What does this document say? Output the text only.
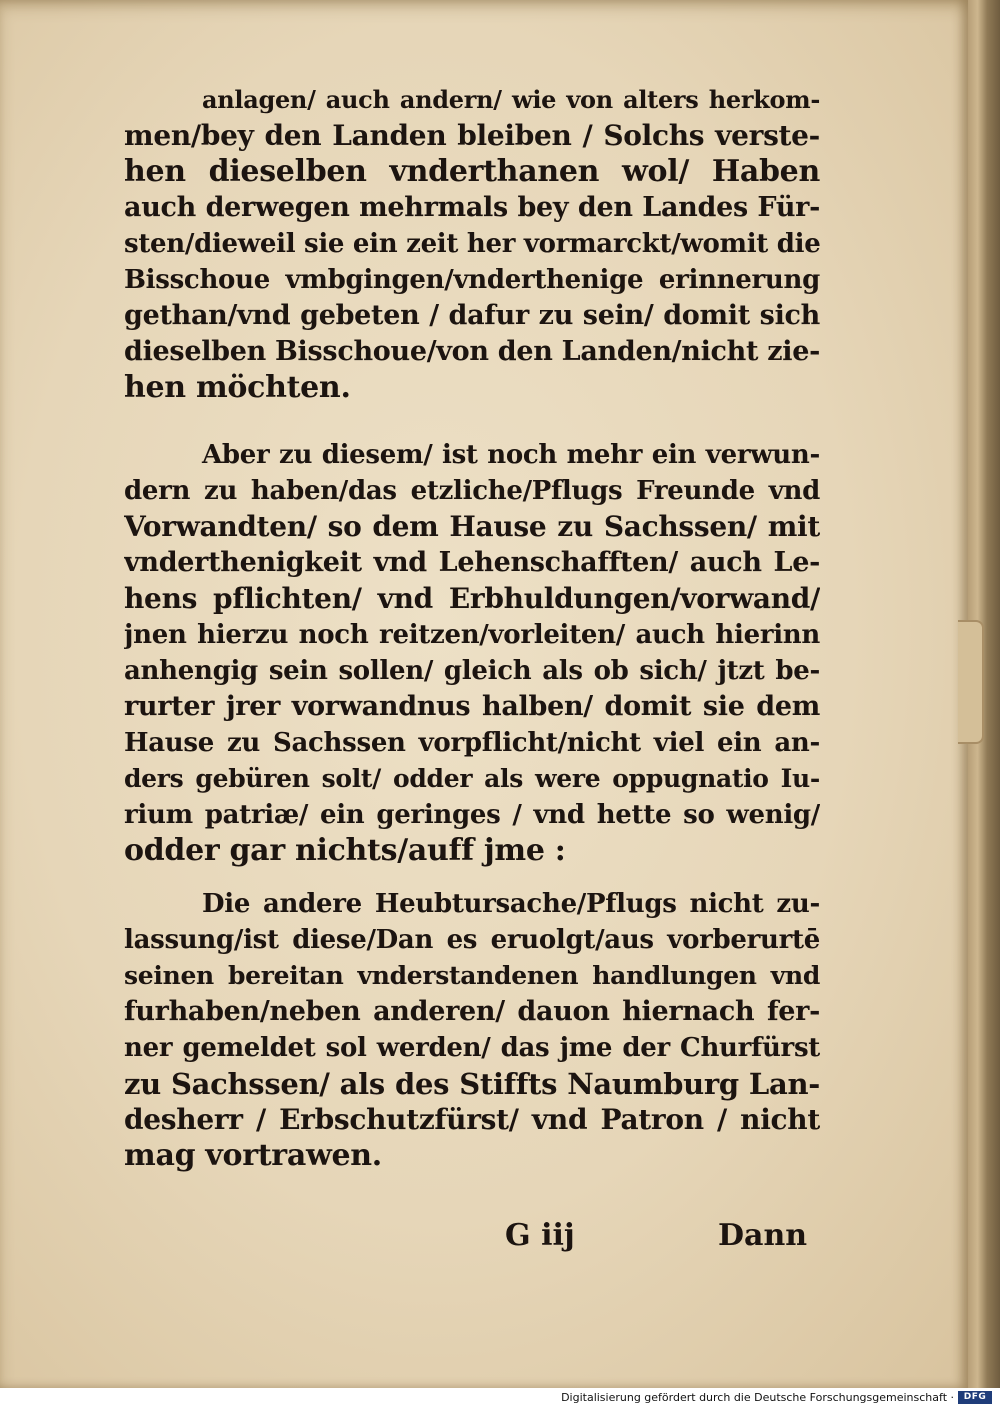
anlagen/ auch andern/ wie von alters herkom-
men/bey den Landen bleiben / Solchs verste-
hen dieselben vnderthanen wol/ Haben
auch derwegen mehrmals bey den Landes Für-
sten/dieweil sie ein zeit her vormarckt/womit die
Bisschoue vmbgingen/vnderthenige erinnerung
gethan/vnd gebeten / dafur zu sein/ domit sich
dieselben Bisschoue/von den Landen/nicht zie-
hen möchten.
Aber zu diesem/ ist noch mehr ein verwun-
dern zu haben/das etzliche/Pflugs Freunde vnd
Vorwandten/ so dem Hause zu Sachssen/ mit
vnderthenigkeit vnd Lehenschafften/ auch Le-
hens pflichten/ vnd Erbhuldungen/vorwand/
jnen hierzu noch reitzen/vorleiten/ auch hierinn
anhengig sein sollen/ gleich als ob sich/ jtzt be-
rurter jrer vorwandnus halben/ domit sie dem
Hause zu Sachssen vorpflicht/nicht viel ein an-
ders gebüren solt/ odder als were oppugnatio Iu-
rium patriæ/ ein geringes / vnd hette so wenig/
odder gar nichts/auff jme :
Die andere Heubtursache/Pflugs nicht zu-
lassung/ist diese/Dan es eruolgt/aus vorberurtē
seinen bereitan vnderstandenen handlungen vnd
furhaben/neben anderen/ dauon hiernach fer-
ner gemeldet sol werden/ das jme der Churfürst
zu Sachssen/ als des Stiffts Naumburg Lan-
desherr / Erbschutzfürst/ vnd Patron / nicht
mag vortrawen.
G iij	Dann
Digitalisierung gefördert durch die Deutsche Forschungsgemeinschaft ·	DFG
